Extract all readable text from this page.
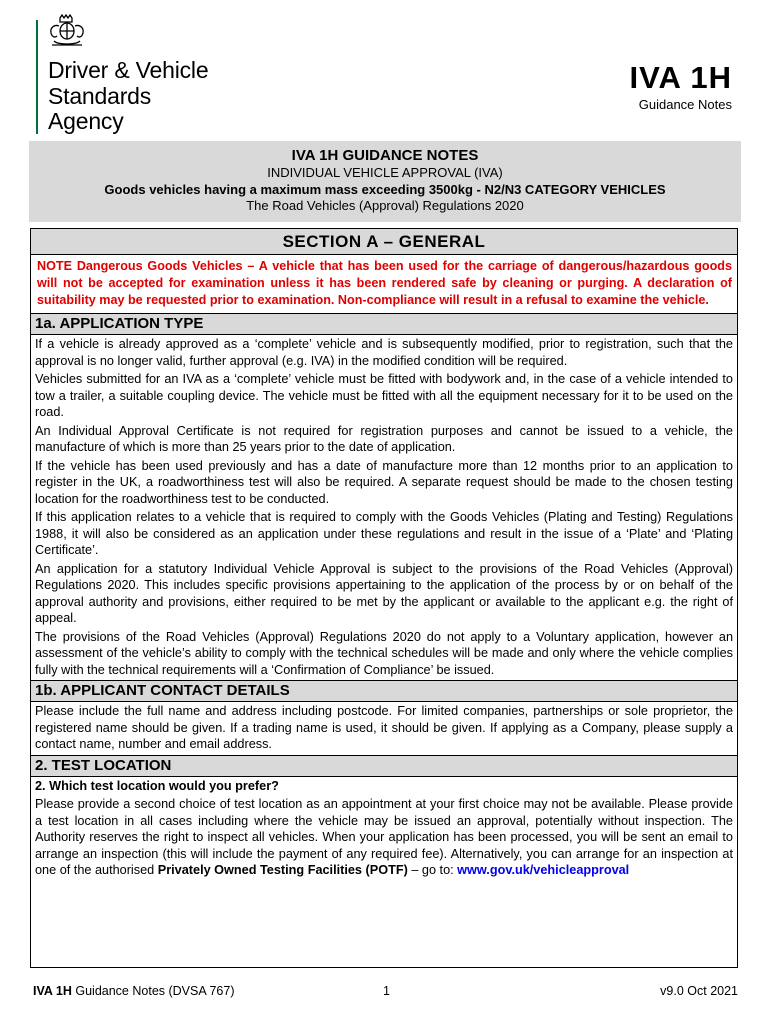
Driver & Vehicle
Standards
Agency
IVA 1H
Guidance Notes
IVA 1H GUIDANCE NOTES
INDIVIDUAL VEHICLE APPROVAL (IVA)
Goods vehicles having a maximum mass exceeding 3500kg - N2/N3 CATEGORY VEHICLES
The Road Vehicles (Approval) Regulations 2020
SECTION A – GENERAL
NOTE Dangerous Goods Vehicles – A vehicle that has been used for the carriage of dangerous/hazardous goods will not be accepted for examination unless it has been rendered safe by cleaning or purging. A declaration of suitability may be requested prior to examination. Non-compliance will result in a refusal to examine the vehicle.
1a. APPLICATION TYPE

If a vehicle is already approved as a ‘complete’ vehicle and is subsequently modified, prior to registration, such that the approval is no longer valid, further approval (e.g. IVA) in the modified condition will be required.

Vehicles submitted for an IVA as a ‘complete’ vehicle must be fitted with bodywork and, in the case of a vehicle intended to tow a trailer, a suitable coupling device. The vehicle must be fitted with all the equipment necessary for it to be used on the road.

An Individual Approval Certificate is not required for registration purposes and cannot be issued to a vehicle, the manufacture of which is more than 25 years prior to the date of application.

If the vehicle has been used previously and has a date of manufacture more than 12 months prior to an application to register in the UK, a roadworthiness test will also be required. A separate request should be made to the chosen testing location for the roadworthiness test to be conducted.

If this application relates to a vehicle that is required to comply with the Goods Vehicles (Plating and Testing) Regulations 1988, it will also be considered as an application under these regulations and result in the issue of a ‘Plate’ and ‘Plating Certificate’.

An application for a statutory Individual Vehicle Approval is subject to the provisions of the Road Vehicles (Approval) Regulations 2020. This includes specific provisions appertaining to the application of the process by or on behalf of the approval authority and provisions, either required to be met by the applicant or available to the applicant e.g. the right of appeal.

The provisions of the Road Vehicles (Approval) Regulations 2020 do not apply to a Voluntary application, however an assessment of the vehicle’s ability to comply with the technical schedules will be made and only where the vehicle complies fully with the technical requirements will a ‘Confirmation of Compliance’ be issued.

1b. APPLICANT CONTACT DETAILS

Please include the full name and address including postcode. For limited companies, partnerships or sole proprietor, the registered name should be given. If a trading name is used, it should be given. If applying as a Company, please supply a contact name, number and email address.

2. TEST LOCATION

2. Which test location would you prefer?

Please provide a second choice of test location as an appointment at your first choice may not be available. Please provide a test location in all cases including where the vehicle may be issued an approval, potentially without inspection. The Authority reserves the right to inspect all vehicles. When your application has been processed, you will be sent an email to arrange an inspection (this will include the payment of any required fee). Alternatively, you can arrange for an inspection at one of the authorised Privately Owned Testing Facilities (POTF) – go to: www.gov.uk/vehicleapproval

IVA 1H Guidance Notes (DVSA 767)	1	v9.0 Oct 2021
